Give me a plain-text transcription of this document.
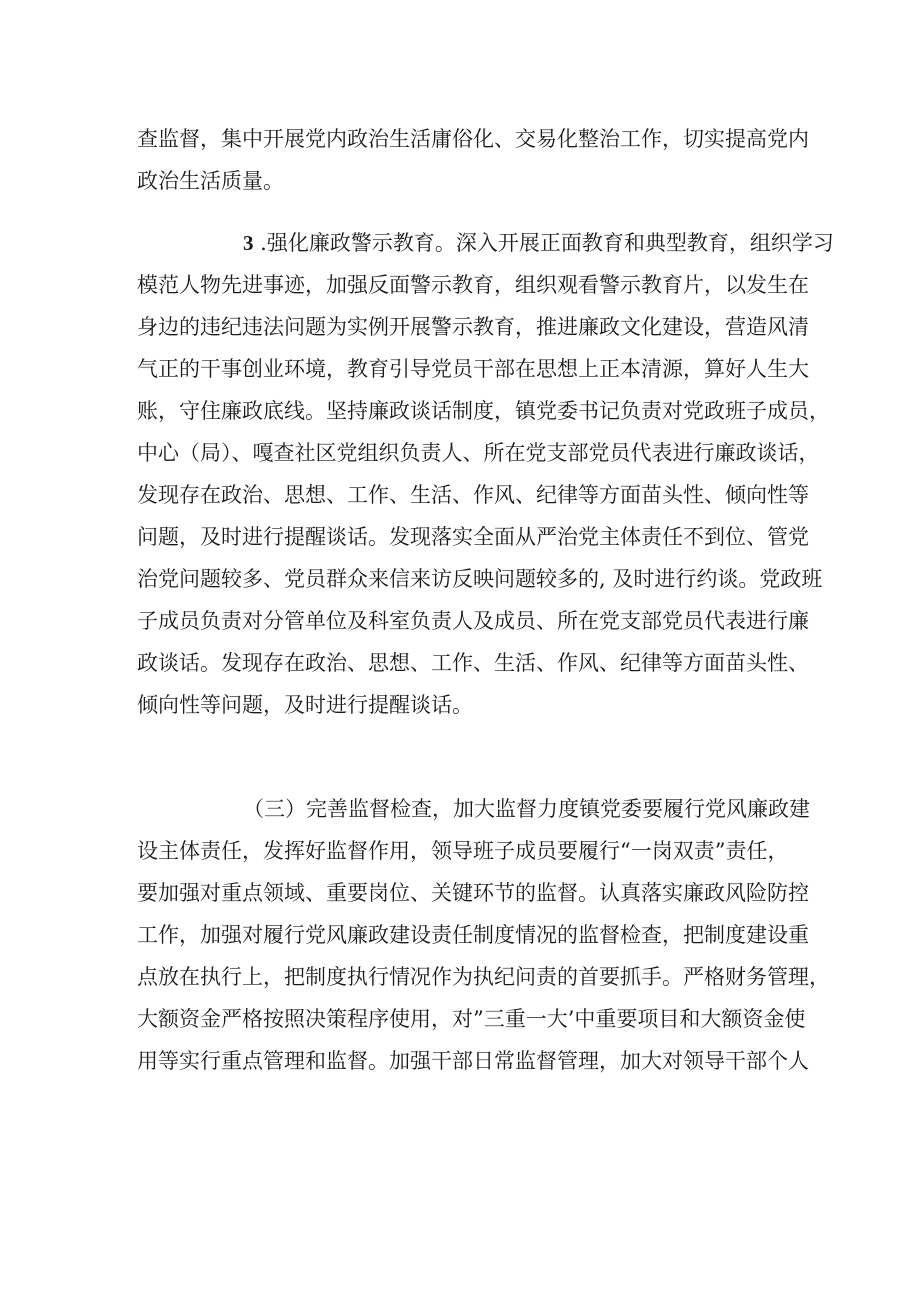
查监督，集中开展党内政治生活庸俗化、交易化整治工作，切实提高党内
政治生活质量。
3 .强化廉政警示教育。深入开展正面教育和典型教育，组织学习
模范人物先进事迹，加强反面警示教育，组织观看警示教育片，以发生在
身边的违纪违法问题为实例开展警示教育，推进廉政文化建设，营造风清
气正的干事创业环境，教育引导党员干部在思想上正本清源，算好人生大
账，守住廉政底线。坚持廉政谈话制度，镇党委书记负责对党政班子成员，
中心（局）、嘎查社区党组织负责人、所在党支部党员代表进行廉政谈话，
发现存在政治、思想、工作、生活、作风、纪律等方面苗头性、倾向性等
问题，及时进行提醒谈话。发现落实全面从严治党主体责任不到位、管党
治党问题较多、党员群众来信来访反映问题较多的, 及时进行约谈。党政班
子成员负责对分管单位及科室负责人及成员、所在党支部党员代表进行廉
政谈话。发现存在政治、思想、工作、生活、作风、纪律等方面苗头性、
倾向性等问题，及时进行提醒谈话。
（三）完善监督检查，加大监督力度镇党委要履行党风廉政建
设主体责任，发挥好监督作用，领导班子成员要履行“一岗双责”责任，
要加强对重点领域、重要岗位、关键环节的监督。认真落实廉政风险防控
工作，加强对履行党风廉政建设责任制度情况的监督检查，把制度建设重
点放在执行上，把制度执行情况作为执纪问责的首要抓手。严格财务管理，
大额资金严格按照决策程序使用，对”三重一大’中重要项目和大额资金使
用等实行重点管理和监督。加强干部日常监督管理，加大对领导干部个人
